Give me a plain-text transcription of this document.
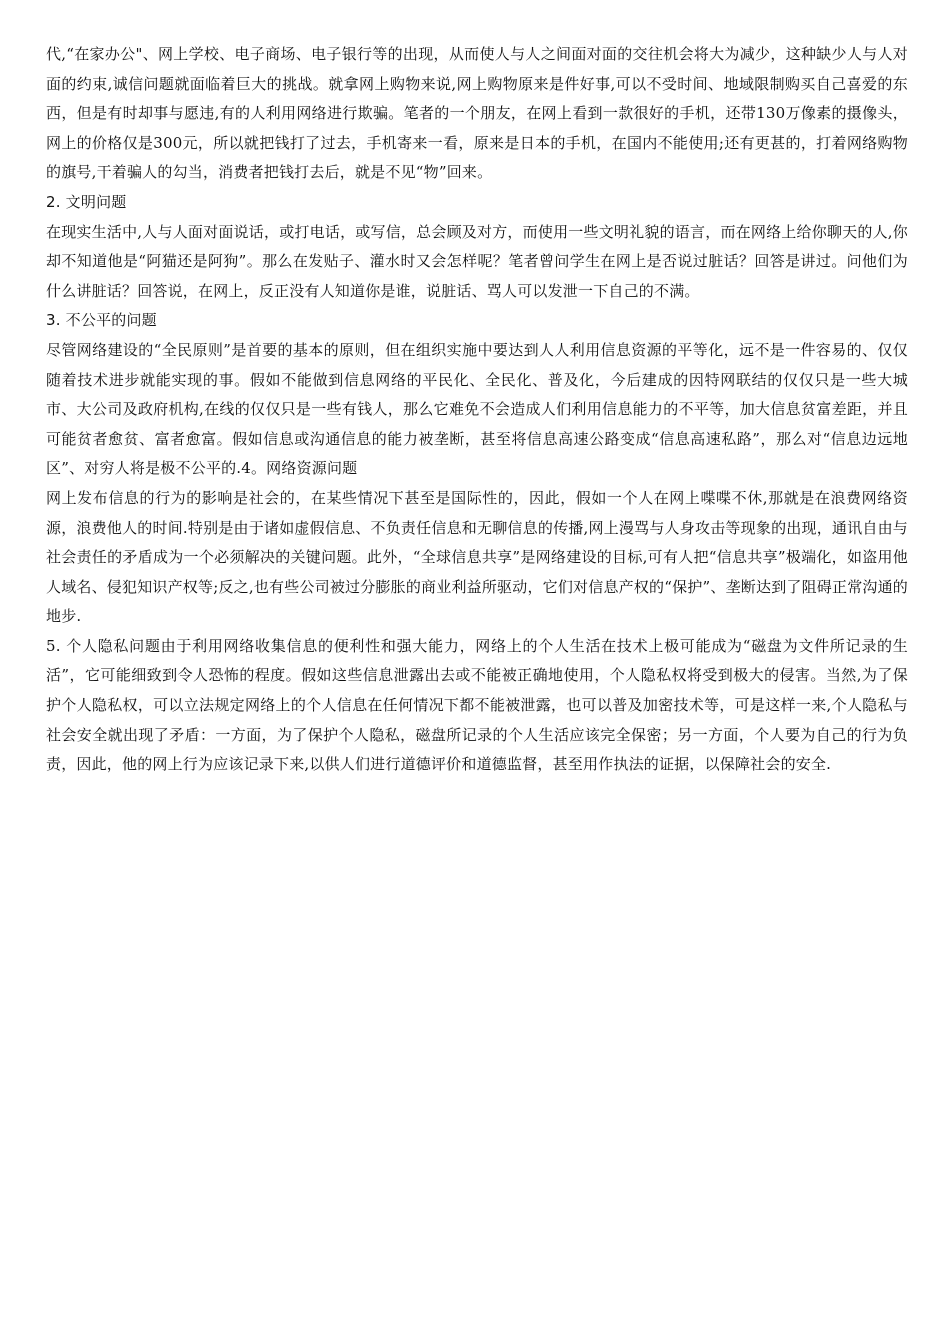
代,“在家办公"、网上学校、电子商场、电子银行等的出现，从而使人与人之间面对面的交往机会将大为减少，这种缺少人与人对面的约束,诚信问题就面临着巨大的挑战。就拿网上购物来说,网上购物原来是件好事,可以不受时间、地域限制购买自己喜爱的东西，但是有时却事与愿违,有的人利用网络进行欺骗。笔者的一个朋友，在网上看到一款很好的手机，还带130万像素的摄像头，网上的价格仅是300元，所以就把钱打了过去，手机寄来一看，原来是日本的手机，在国内不能使用;还有更甚的，打着网络购物的旗号,干着骗人的勾当，消费者把钱打去后，就是不见“物”回来。

2. 文明问题

在现实生活中,人与人面对面说话，或打电话，或写信，总会顾及对方，而使用一些文明礼貌的语言，而在网络上给你聊天的人,你却不知道他是“阿猫还是阿狗”。那么在发贴子、灌水时又会怎样呢？笔者曾问学生在网上是否说过脏话？回答是讲过。问他们为什么讲脏话？回答说，在网上，反正没有人知道你是谁，说脏话、骂人可以发泄一下自己的不满。

3. 不公平的问题

尽管网络建设的“全民原则”是首要的基本的原则，但在组织实施中要达到人人利用信息资源的平等化，远不是一件容易的、仅仅随着技术进步就能实现的事。假如不能做到信息网络的平民化、全民化、普及化，今后建成的因特网联结的仅仅只是一些大城市、大公司及政府机构,在线的仅仅只是一些有钱人，那么它难免不会造成人们利用信息能力的不平等，加大信息贫富差距，并且可能贫者愈贫、富者愈富。假如信息或沟通信息的能力被垄断，甚至将信息高速公路变成“信息高速私路”，那么对“信息边远地区”、对穷人将是极不公平的.4。网络资源问题

网上发布信息的行为的影响是社会的，在某些情况下甚至是国际性的，因此，假如一个人在网上喋喋不休,那就是在浪费网络资源，浪费他人的时间.特别是由于诸如虚假信息、不负责任信息和无聊信息的传播,网上漫骂与人身攻击等现象的出现，通讯自由与社会责任的矛盾成为一个必须解决的关键问题。此外，“全球信息共享”是网络建设的目标,可有人把“信息共享”极端化，如盗用他人域名、侵犯知识产权等;反之,也有些公司被过分膨胀的商业利益所驱动，它们对信息产权的“保护”、垄断达到了阻碍正常沟通的地步.

5. 个人隐私问题由于利用网络收集信息的便利性和强大能力，网络上的个人生活在技术上极可能成为“磁盘为文件所记录的生活”，它可能细致到令人恐怖的程度。假如这些信息泄露出去或不能被正确地使用，个人隐私权将受到极大的侵害。当然,为了保护个人隐私权，可以立法规定网络上的个人信息在任何情况下都不能被泄露，也可以普及加密技术等，可是这样一来,个人隐私与社会安全就出现了矛盾：一方面，为了保护个人隐私，磁盘所记录的个人生活应该完全保密；另一方面，个人要为自己的行为负责，因此，他的网上行为应该记录下来,以供人们进行道德评价和道德监督，甚至用作执法的证据，以保障社会的安全.
